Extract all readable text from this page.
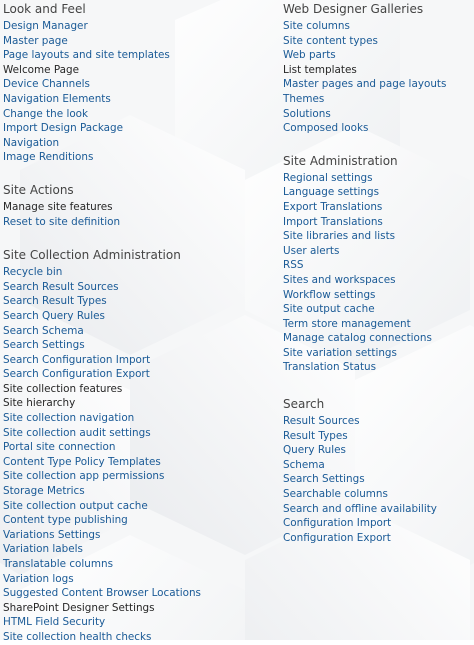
Look and Feel
Design Manager
Master page
Page layouts and site templates
Welcome Page
Device Channels
Navigation Elements
Change the look
Import Design Package
Navigation
Image Renditions
Site Actions
Manage site features
Reset to site definition
Site Collection Administration
Recycle bin
Search Result Sources
Search Result Types
Search Query Rules
Search Schema
Search Settings
Search Configuration Import
Search Configuration Export
Site collection features
Site hierarchy
Site collection navigation
Site collection audit settings
Portal site connection
Content Type Policy Templates
Site collection app permissions
Storage Metrics
Site collection output cache
Content type publishing
Variations Settings
Variation labels
Translatable columns
Variation logs
Suggested Content Browser Locations
SharePoint Designer Settings
HTML Field Security
Site collection health checks
Web Designer Galleries
Site columns
Site content types
Web parts
List templates
Master pages and page layouts
Themes
Solutions
Composed looks
Site Administration
Regional settings
Language settings
Export Translations
Import Translations
Site libraries and lists
User alerts
RSS
Sites and workspaces
Workflow settings
Site output cache
Term store management
Manage catalog connections
Site variation settings
Translation Status
Search
Result Sources
Result Types
Query Rules
Schema
Search Settings
Searchable columns
Search and offline availability
Configuration Import
Configuration Export
